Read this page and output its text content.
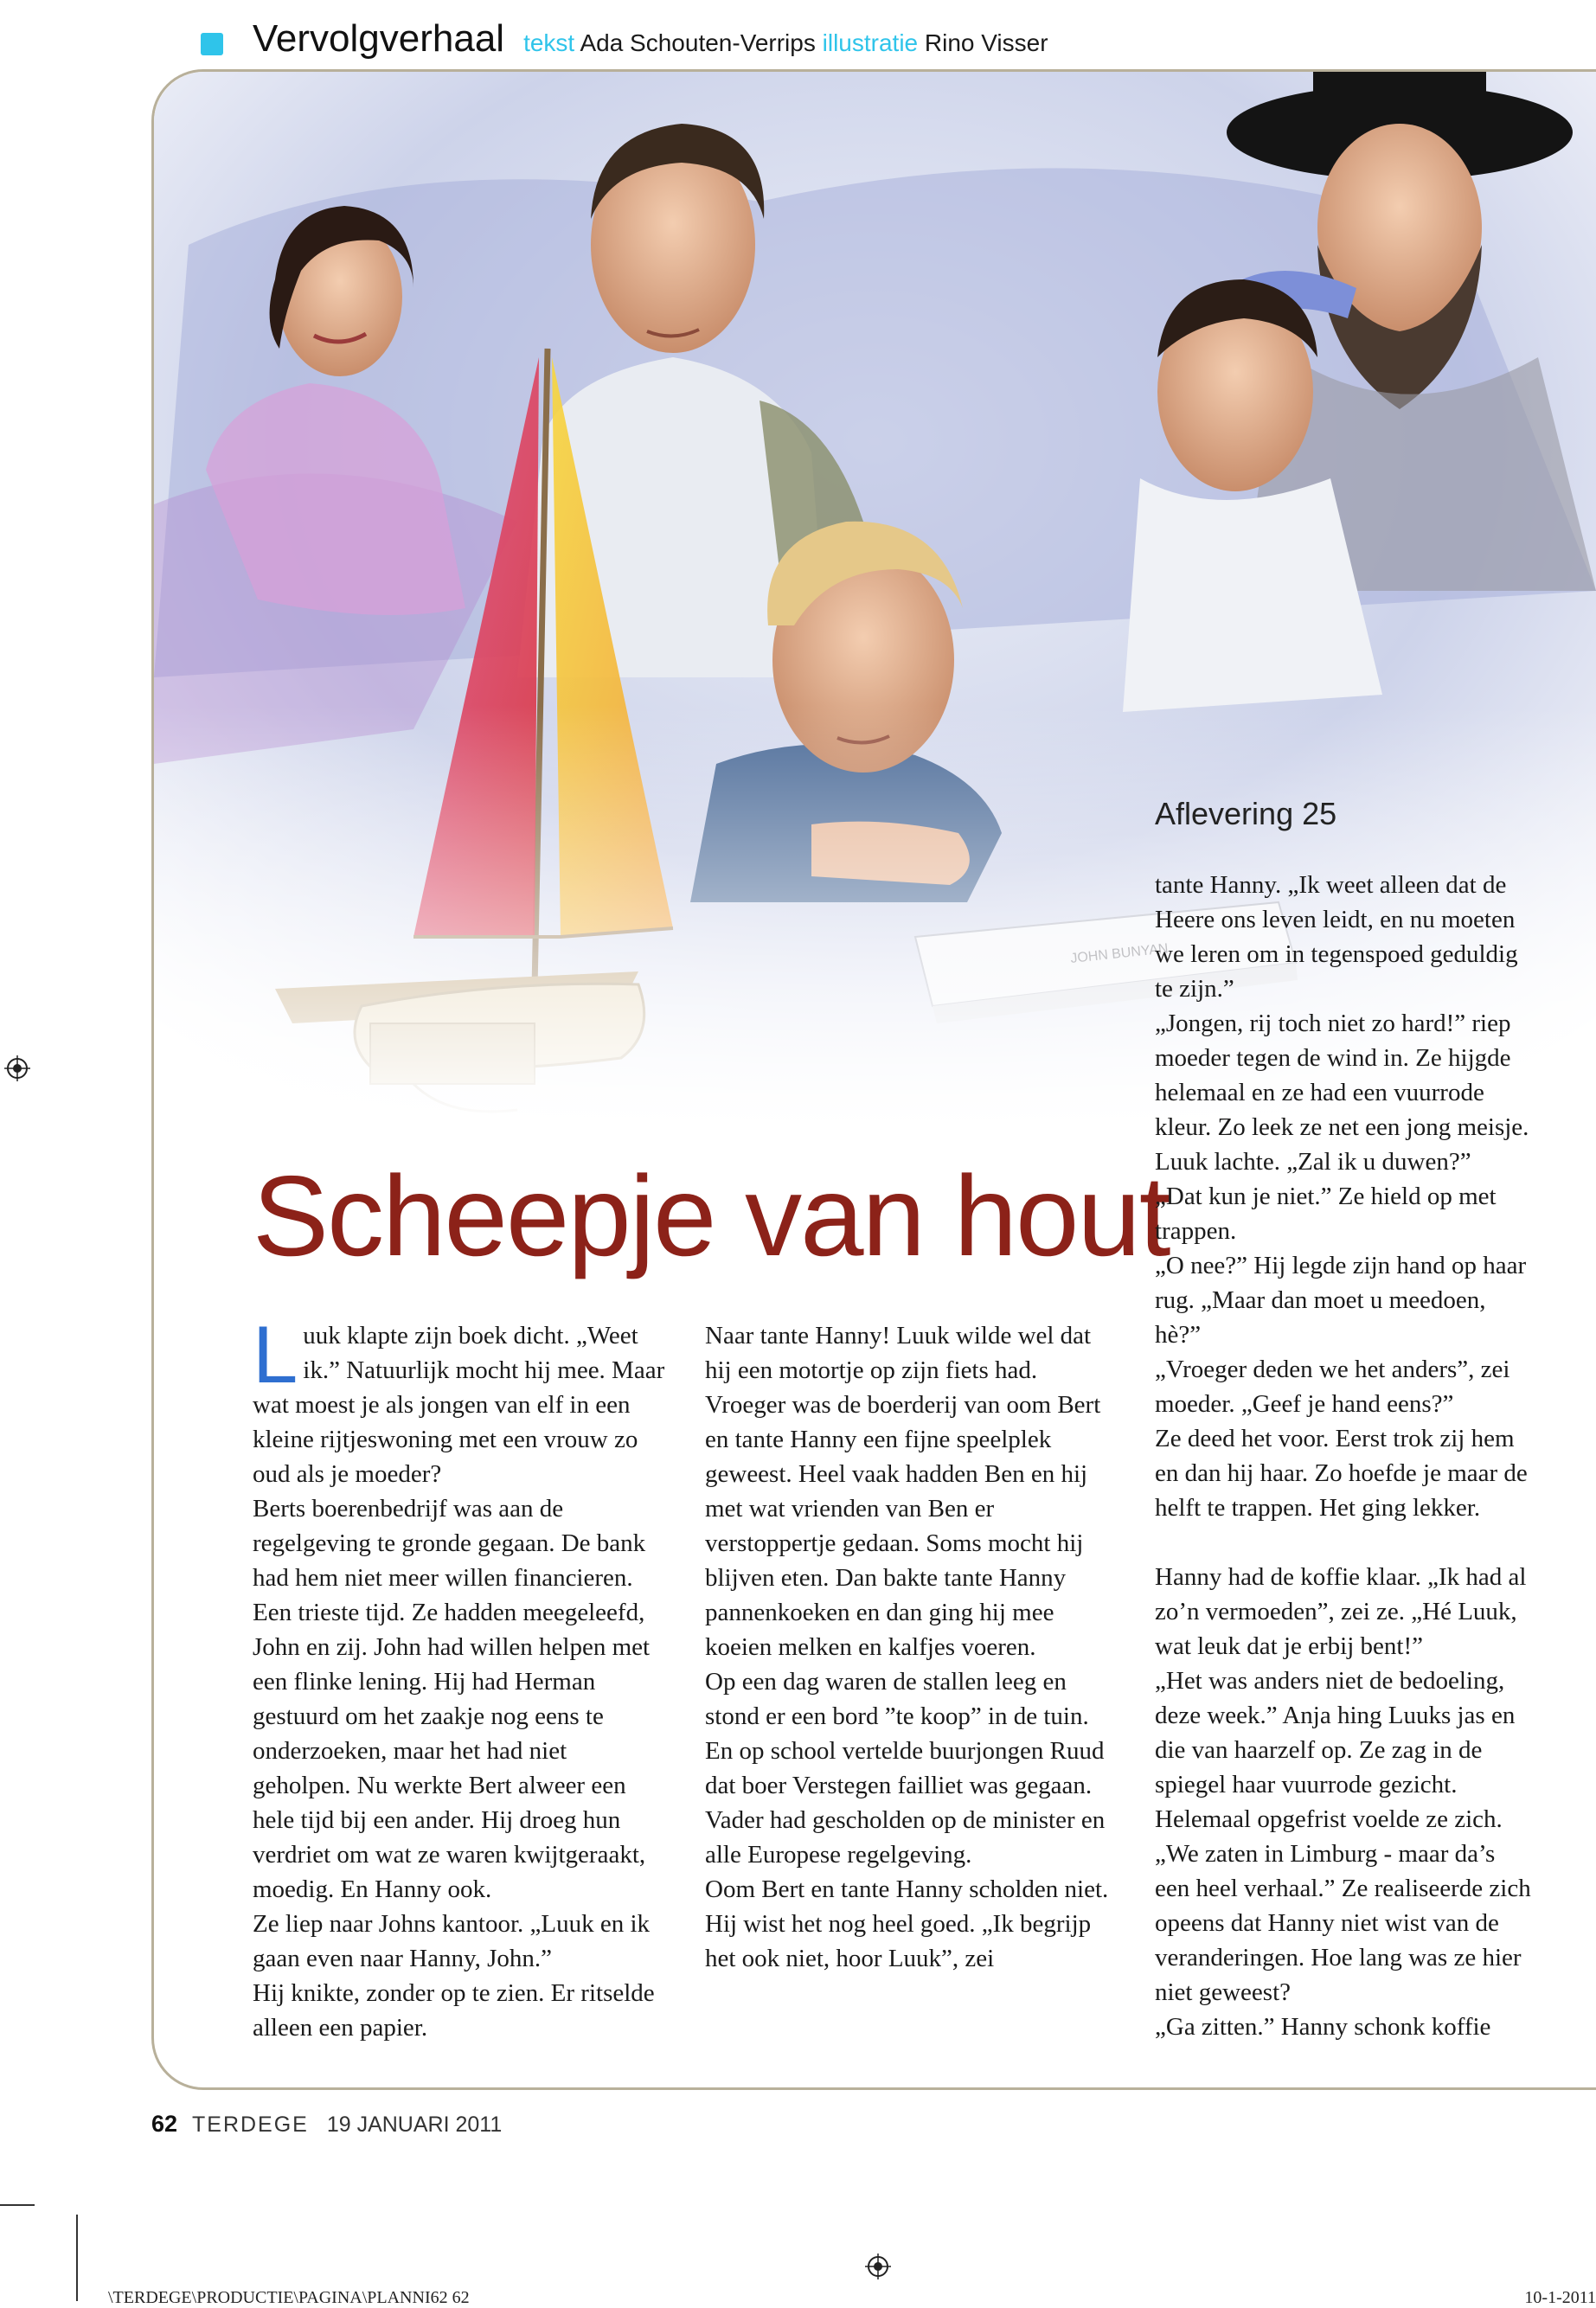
Vervolgverhaal tekst Ada Schouten-Verrips illustratie Rino Visser
Aflevering 25
Scheepje van hout

Luuk klapte zijn boek dicht. „Weet ik.” Natuurlijk mocht hij mee. Maar wat moest je als jongen van elf in een kleine rijtjeswoning met een vrouw zo oud als je moeder?

Berts boerenbedrijf was aan de regelgeving te gronde gegaan. De bank had hem niet meer willen financieren. Een trieste tijd. Ze hadden meegeleefd, John en zij. John had willen helpen met een flinke lening. Hij had Herman gestuurd om het zaakje nog eens te onderzoeken, maar het had niet geholpen. Nu werkte Bert alweer een hele tijd bij een ander. Hij droeg hun verdriet om wat ze waren kwijtgeraakt, moedig. En Hanny ook.

Ze liep naar Johns kantoor. „Luuk en ik gaan even naar Hanny, John.”

Hij knikte, zonder op te zien. Er ritselde alleen een papier.

Naar tante Hanny! Luuk wilde wel dat hij een motortje op zijn fiets had. Vroeger was de boerderij van oom Bert en tante Hanny een fijne speelplek geweest. Heel vaak hadden Ben en hij met wat vrienden van Ben er verstoppertje gedaan. Soms mocht hij blijven eten. Dan bakte tante Hanny pannenkoeken en dan ging hij mee koeien melken en kalfjes voeren.

Op een dag waren de stallen leeg en stond er een bord ”te koop” in de tuin. En op school vertelde buurjongen Ruud dat boer Verstegen failliet was gegaan. Vader had gescholden op de minister en alle Europese regelgeving.

Oom Bert en tante Hanny scholden niet. Hij wist het nog heel goed. „Ik begrijp het ook niet, hoor Luuk”, zei

tante Hanny. „Ik weet alleen dat de Heere ons leven leidt, en nu moeten we leren om in tegenspoed geduldig te zijn.”

„Jongen, rij toch niet zo hard!” riep moeder tegen de wind in. Ze hijgde helemaal en ze had een vuurrode kleur. Zo leek ze net een jong meisje. Luuk lachte. „Zal ik u duwen?”

„Dat kun je niet.” Ze hield op met trappen.

„O nee?” Hij legde zijn hand op haar rug. „Maar dan moet u meedoen, hè?”

„Vroeger deden we het anders”, zei moeder. „Geef je hand eens?”

Ze deed het voor. Eerst trok zij hem en dan hij haar. Zo hoefde je maar de helft te trappen. Het ging lekker.

Hanny had de koffie klaar. „Ik had al zo’n vermoeden”, zei ze. „Hé Luuk, wat leuk dat je erbij bent!”

„Het was anders niet de bedoeling, deze week.” Anja hing Luuks jas en die van haarzelf op. Ze zag in de spiegel haar vuurrode gezicht. Helemaal opgefrist voelde ze zich.

„We zaten in Limburg - maar da’s een heel verhaal.” Ze realiseerde zich opeens dat Hanny niet wist van de veranderingen. Hoe lang was ze hier niet geweest?

„Ga zitten.” Hanny schonk koffie

62 TERDEGE 19 JANUARI 2011
\TERDEGE\PRODUCTIE\PAGINA\PLANNI62 62	10-1-2011
